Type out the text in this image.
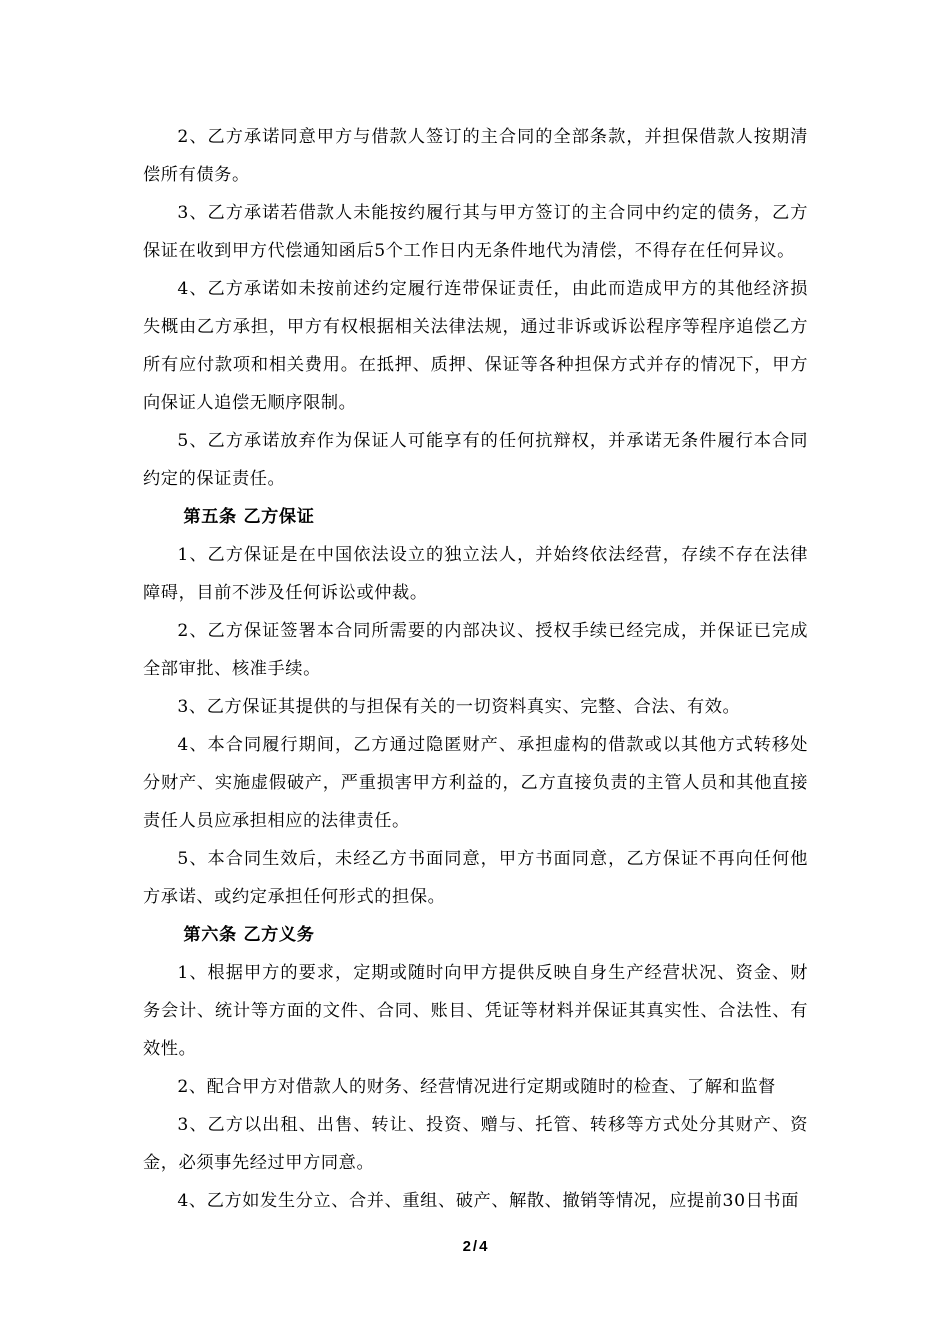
2、乙方承诺同意甲方与借款人签订的主合同的全部条款，并担保借款人按期清偿所有债务。

3、乙方承诺若借款人未能按约履行其与甲方签订的主合同中约定的债务，乙方保证在收到甲方代偿通知函后5个工作日内无条件地代为清偿，不得存在任何异议。

4、乙方承诺如未按前述约定履行连带保证责任，由此而造成甲方的其他经济损失概由乙方承担，甲方有权根据相关法律法规，通过非诉或诉讼程序等程序追偿乙方所有应付款项和相关费用。在抵押、质押、保证等各种担保方式并存的情况下，甲方向保证人追偿无顺序限制。

5、乙方承诺放弃作为保证人可能享有的任何抗辩权，并承诺无条件履行本合同约定的保证责任。

第五条 乙方保证

1、乙方保证是在中国依法设立的独立法人，并始终依法经营，存续不存在法律障碍，目前不涉及任何诉讼或仲裁。

2、乙方保证签署本合同所需要的内部决议、授权手续已经完成，并保证已完成全部审批、核准手续。

3、乙方保证其提供的与担保有关的一切资料真实、完整、合法、有效。

4、本合同履行期间，乙方通过隐匿财产、承担虚构的借款或以其他方式转移处分财产、实施虚假破产，严重损害甲方利益的，乙方直接负责的主管人员和其他直接责任人员应承担相应的法律责任。

5、本合同生效后，未经乙方书面同意，甲方书面同意，乙方保证不再向任何他方承诺、或约定承担任何形式的担保。

第六条 乙方义务

1、根据甲方的要求，定期或随时向甲方提供反映自身生产经营状况、资金、财务会计、统计等方面的文件、合同、账目、凭证等材料并保证其真实性、合法性、有效性。

2、配合甲方对借款人的财务、经营情况进行定期或随时的检查、了解和监督

3、乙方以出租、出售、转让、投资、赠与、托管、转移等方式处分其财产、资金，必须事先经过甲方同意。

4、乙方如发生分立、合并、重组、破产、解散、撤销等情况，应提前30日书面

2 / 4
